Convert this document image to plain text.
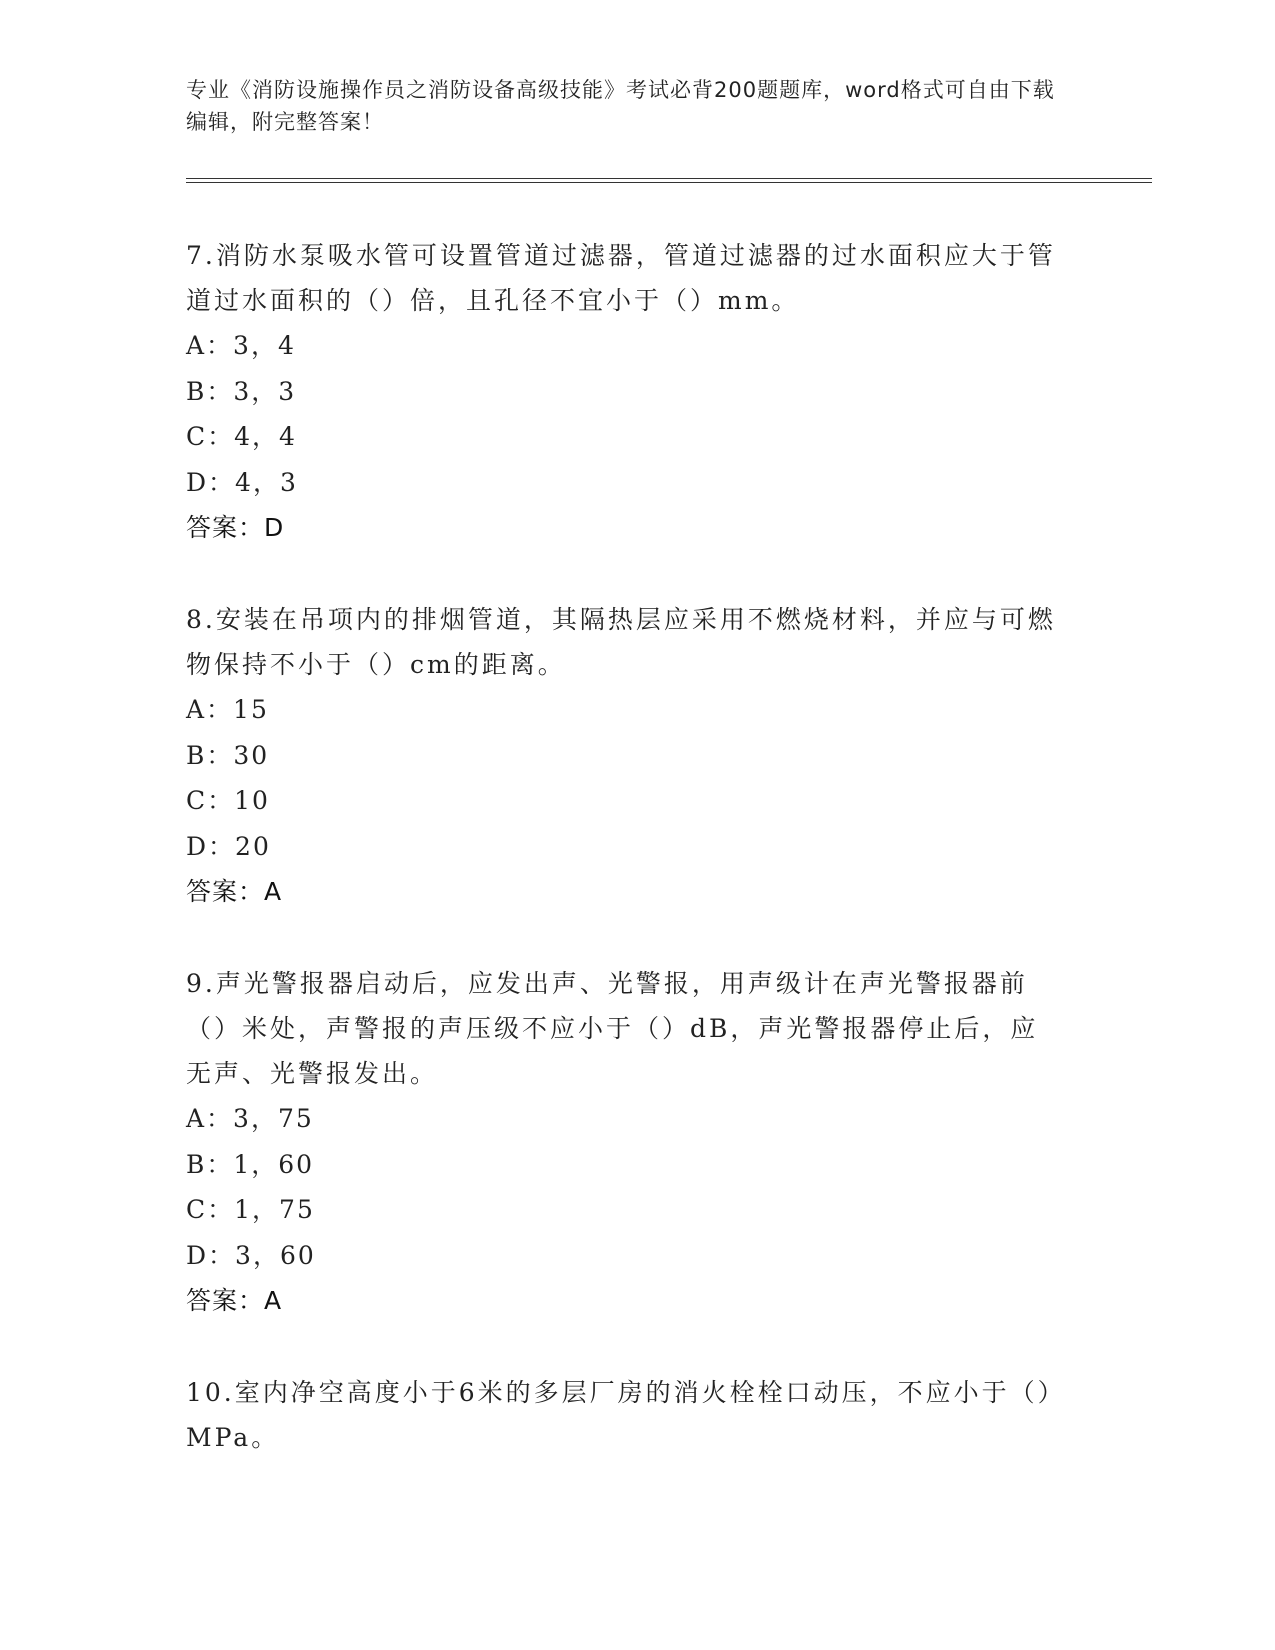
专业《消防设施操作员之消防设备高级技能》考试必背200题题库，word格式可自由下载编辑，附完整答案！
7.消防水泵吸水管可设置管道过滤器，管道过滤器的过水面积应大于管道过水面积的（）倍，且孔径不宜小于（）mm。
A：3，4
B：3，3
C：4，4
D：4，3
答案：D
8.安装在吊项内的排烟管道，其隔热层应采用不燃烧材料，并应与可燃物保持不小于（）cm的距离。
A：15
B：30
C：10
D：20
答案：A
9.声光警报器启动后，应发出声、光警报，用声级计在声光警报器前（）米处，声警报的声压级不应小于（）dB，声光警报器停止后，应无声、光警报发出。
A：3，75
B：1，60
C：1，75
D：3，60
答案：A
10.室内净空高度小于6米的多层厂房的消火栓栓口动压，不应小于（）MPa。
